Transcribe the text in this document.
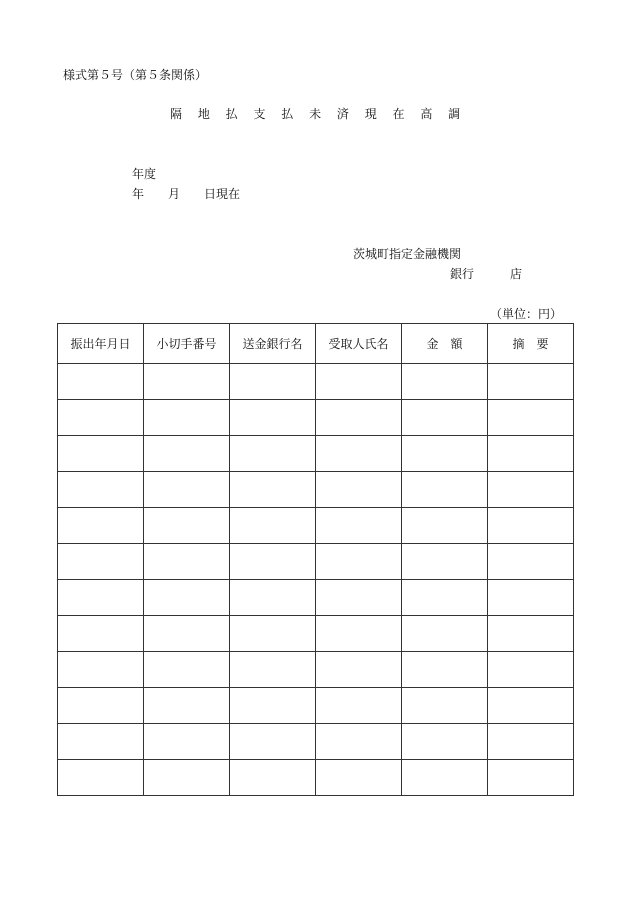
様式第５号（第５条関係）
隔 地 払 支 払 未 済 現 在 高 調
年度
年　　月　　日現在
茨城町指定金融機関
銀行　　　店
（単位：円）
振出年月日	小切手番号	送金銀行名	受取人氏名	金　額	摘　要
